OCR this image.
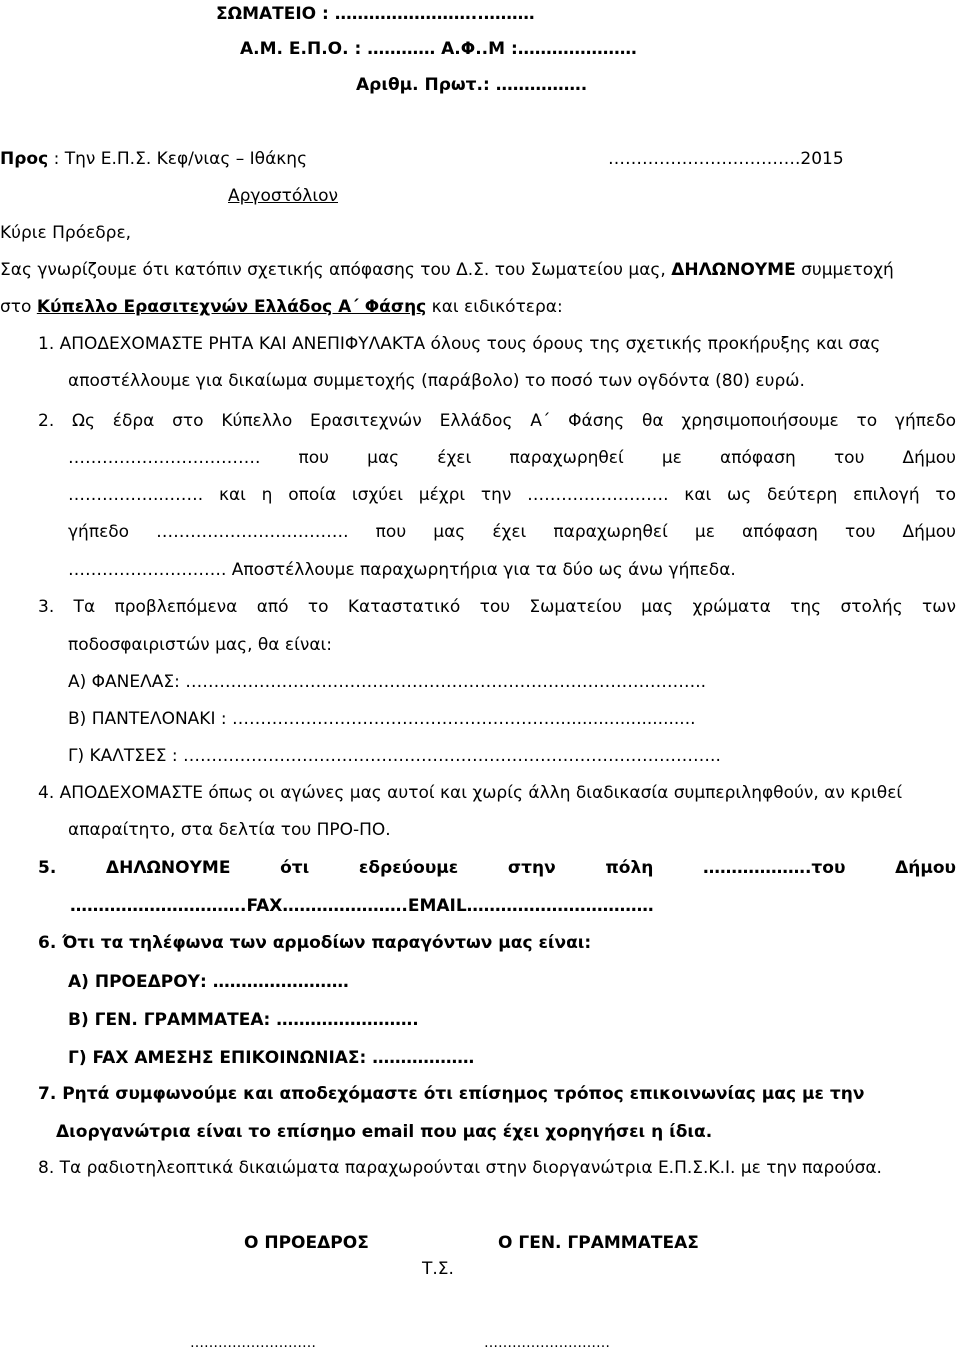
ΣΩΜΑΤΕΙΟ : ……………………..………
Α.Μ. Ε.Π.Ο. : ………… Α.Φ..Μ :…………………
Αριθμ. Πρωτ.: …………….
Προς : Την Ε.Π.Σ. Κεφ/νιας – Ιθάκης	…………………………….2015
Αργοστόλιον
Κύριε Πρόεδρε,
Σας γνωρίζουμε ότι κατόπιν σχετικής απόφασης του Δ.Σ. του Σωματείου μας, ΔΗΛΩΝΟΥΜΕ συμμετοχή
στο Κύπελλο Ερασιτεχνών Ελλάδος Α΄ Φάσης και ειδικότερα:
1. ΑΠΟΔΕΧΟΜΑΣΤΕ ΡΗΤΑ ΚΑΙ ΑΝΕΠΙΦΥΛΑΚΤΑ όλους τους όρους της σχετικής προκήρυξης και σας
αποστέλλουμε για δικαίωμα συμμετοχής (παράβολο) το ποσό των ογδόντα (80) ευρώ.
2. Ως έδρα στο Κύπελλο Ερασιτεχνών Ελλάδος Α΄ Φάσης θα χρησιμοποιήσουμε το γήπεδο
……………………………. που μας έχει παραχωρηθεί με απόφαση του Δήμου
……………..……. και η οποία ισχύει μέχρι την ……………………. και ως δεύτερη επιλογή το
γήπεδο ……………………………. που μας έχει παραχωρηθεί με απόφαση του Δήμου
………………………. Αποστέλλουμε παραχωρητήρια για τα δύο ως άνω γήπεδα.
3. Τα προβλεπόμενα από το Καταστατικό του Σωματείου μας χρώματα της στολής των
ποδοσφαιριστών μας, θα είναι:
Α) ΦΑΝΕΛΑΣ: ………………………………………………………………………………..
Β) ΠΑΝΤΕΛΟΝΑΚΙ : …………………………………………………..........................
Γ) ΚΑΛΤΣΕΣ : …………………………………………………………………………………..
4. ΑΠΟΔΕΧΟΜΑΣΤΕ όπως οι αγώνες μας αυτοί και χωρίς άλλη διαδικασία συμπεριληφθούν, αν κριθεί
απαραίτητο, στα δελτία του ΠΡΟ-ΠΟ.
5. ΔΗΛΩΝΟΥΜΕ ότι εδρεύουμε στην πόλη ……………….του Δήμου
………………………….FAX………………….EMAIL……………………………
6. Ότι τα τηλέφωνα των αρμοδίων παραγόντων μας είναι:
Α) ΠΡΟΕΔΡΟΥ: ……………………
Β) ΓΕΝ. ΓΡΑΜΜΑΤΕΑ: …………………….
Γ) FAX ΑΜΕΣΗΣ ΕΠΙΚΟΙΝΩΝΙΑΣ: ………………
7. Ρητά συμφωνούμε και αποδεχόμαστε ότι επίσημος τρόπος επικοινωνίας μας με την
Διοργανώτρια είναι το επίσημο email που μας έχει χορηγήσει η ίδια.
8. Τα ραδιοτηλεοπτικά δικαιώματα παραχωρούνται στην διοργανώτρια Ε.Π.Σ.Κ.Ι. με την παρούσα.
Ο ΠΡΟΕΔΡΟΣ	Ο ΓΕΝ. ΓΡΑΜΜΑΤΕΑΣ
Τ.Σ.
………………………	………………………
